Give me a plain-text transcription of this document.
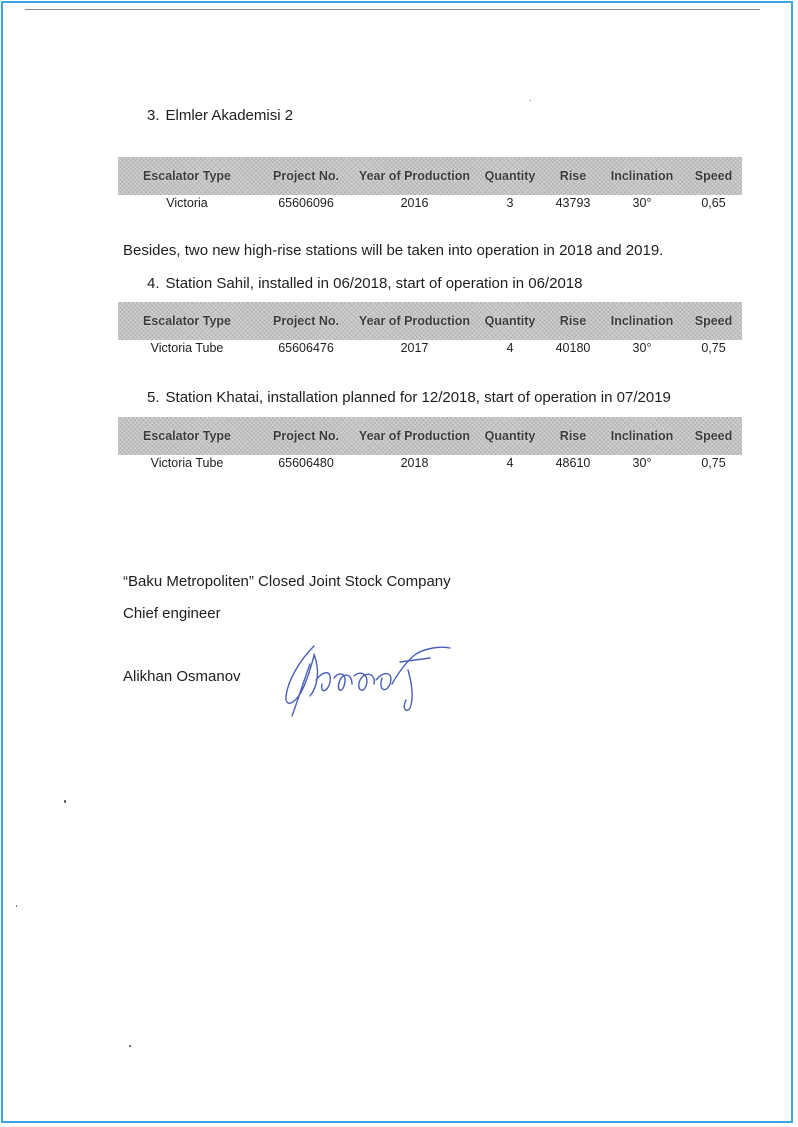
3. Elmler Akademisi 2
Escalator Type	Project No.	Year of Production	Quantity	Rise	Inclination	Speed
Victoria	65606096	2016	3	43793	30°	0,65
Besides, two new high-rise stations will be taken into operation in 2018 and 2019.
4. Station Sahil, installed in 06/2018, start of operation in 06/2018
Escalator Type	Project No.	Year of Production	Quantity	Rise	Inclination	Speed
Victoria Tube	65606476	2017	4	40180	30°	0,75
5. Station Khatai, installation planned for 12/2018, start of operation in 07/2019
Escalator Type	Project No.	Year of Production	Quantity	Rise	Inclination	Speed
Victoria Tube	65606480	2018	4	48610	30°	0,75
“Baku Metropoliten” Closed Joint Stock Company
Chief engineer
Alikhan Osmanov
